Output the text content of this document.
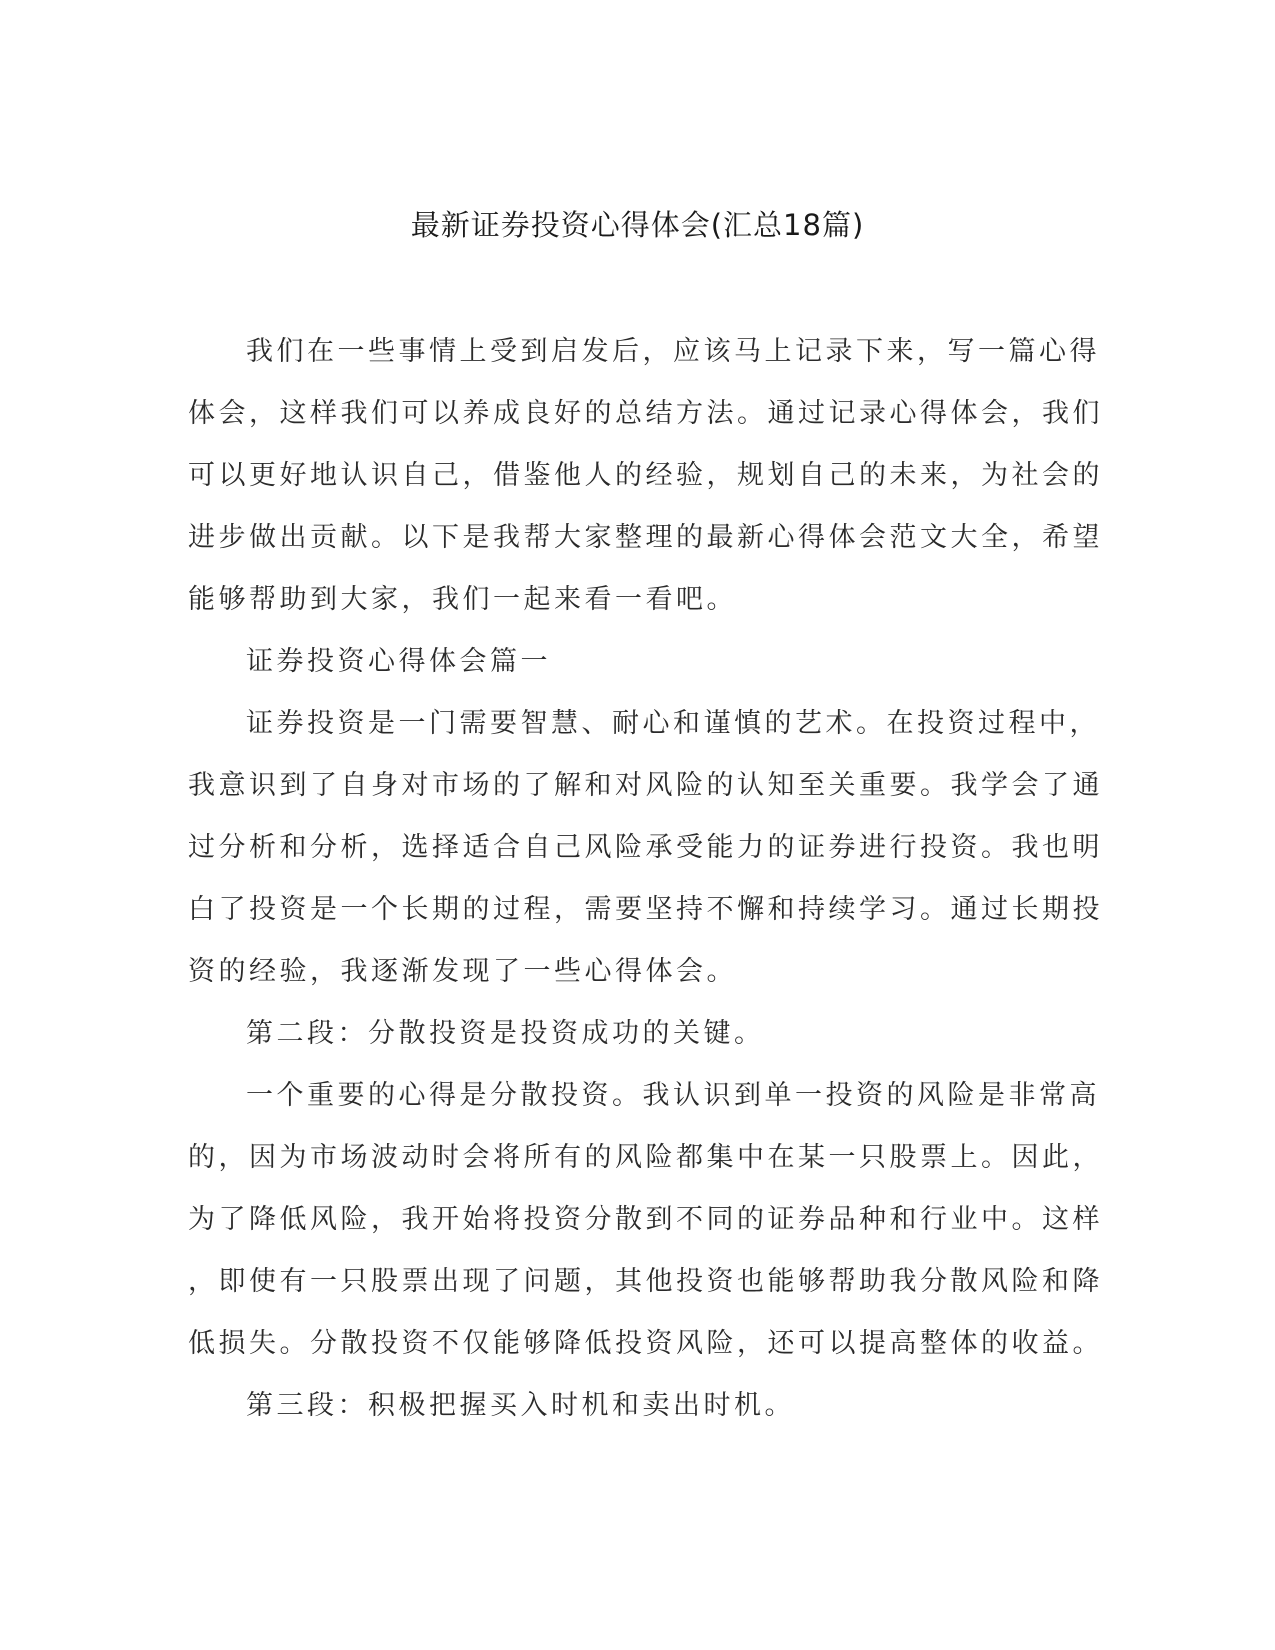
最新证券投资心得体会(汇总18篇)

我们在一些事情上受到启发后，应该马上记录下来，写一篇心得
体会，这样我们可以养成良好的总结方法。通过记录心得体会，我们
可以更好地认识自己，借鉴他人的经验，规划自己的未来，为社会的
进步做出贡献。以下是我帮大家整理的最新心得体会范文大全，希望
能够帮助到大家，我们一起来看一看吧。

证券投资心得体会篇一

证券投资是一门需要智慧、耐心和谨慎的艺术。在投资过程中，
我意识到了自身对市场的了解和对风险的认知至关重要。我学会了通
过分析和分析，选择适合自己风险承受能力的证券进行投资。我也明
白了投资是一个长期的过程，需要坚持不懈和持续学习。通过长期投
资的经验，我逐渐发现了一些心得体会。

第二段：分散投资是投资成功的关键。

一个重要的心得是分散投资。我认识到单一投资的风险是非常高
的，因为市场波动时会将所有的风险都集中在某一只股票上。因此，
为了降低风险，我开始将投资分散到不同的证券品种和行业中。这样
，即使有一只股票出现了问题，其他投资也能够帮助我分散风险和降
低损失。分散投资不仅能够降低投资风险，还可以提高整体的收益。

第三段：积极把握买入时机和卖出时机。
